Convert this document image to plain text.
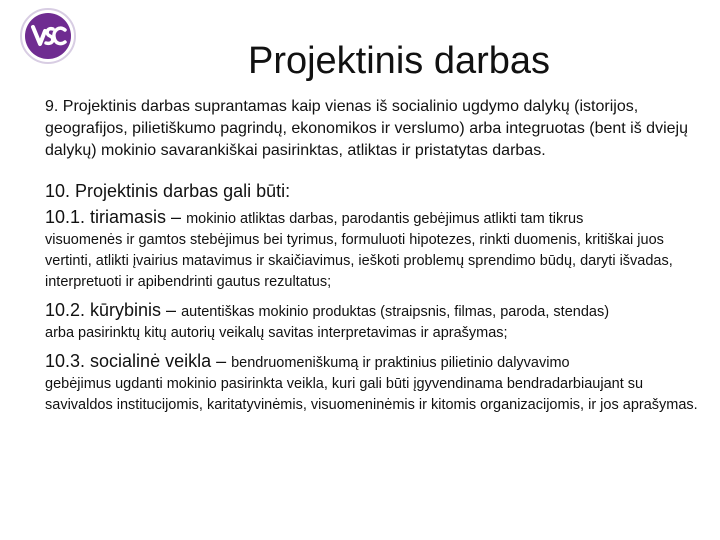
Projektinis darbas

9. Projektinis darbas suprantamas kaip vienas iš socialinio ugdymo dalykų (istorijos, geografijos, pilietiškumo pagrindų, ekonomikos ir verslumo) arba integruotas (bent iš dviejų dalykų) mokinio savarankiškai pasirinktas, atliktas ir pristatytas darbas.

10. Projektinis darbas gali būti:

10.1. tiriamasis – mokinio atliktas darbas, parodantis gebėjimus atlikti tam tikrus

visuomenės ir gamtos stebėjimus bei tyrimus, formuluoti hipotezes, rinkti duomenis, kritiškai juos vertinti, atlikti įvairius matavimus ir skaičiavimus, ieškoti problemų sprendimo būdų, daryti išvadas, interpretuoti ir apibendrinti gautus rezultatus;

10.2. kūrybinis – autentiškas mokinio produktas (straipsnis, filmas, paroda, stendas)

arba pasirinktų kitų autorių veikalų savitas interpretavimas ir aprašymas;

10.3. socialinė veikla – bendruomeniškumą ir praktinius pilietinio dalyvavimo

gebėjimus ugdanti mokinio pasirinkta veikla, kuri gali būti įgyvendinama bendradarbiaujant su savivaldos institucijomis, karitatyvinėmis, visuomeninėmis ir kitomis organizacijomis, ir jos aprašymas.
